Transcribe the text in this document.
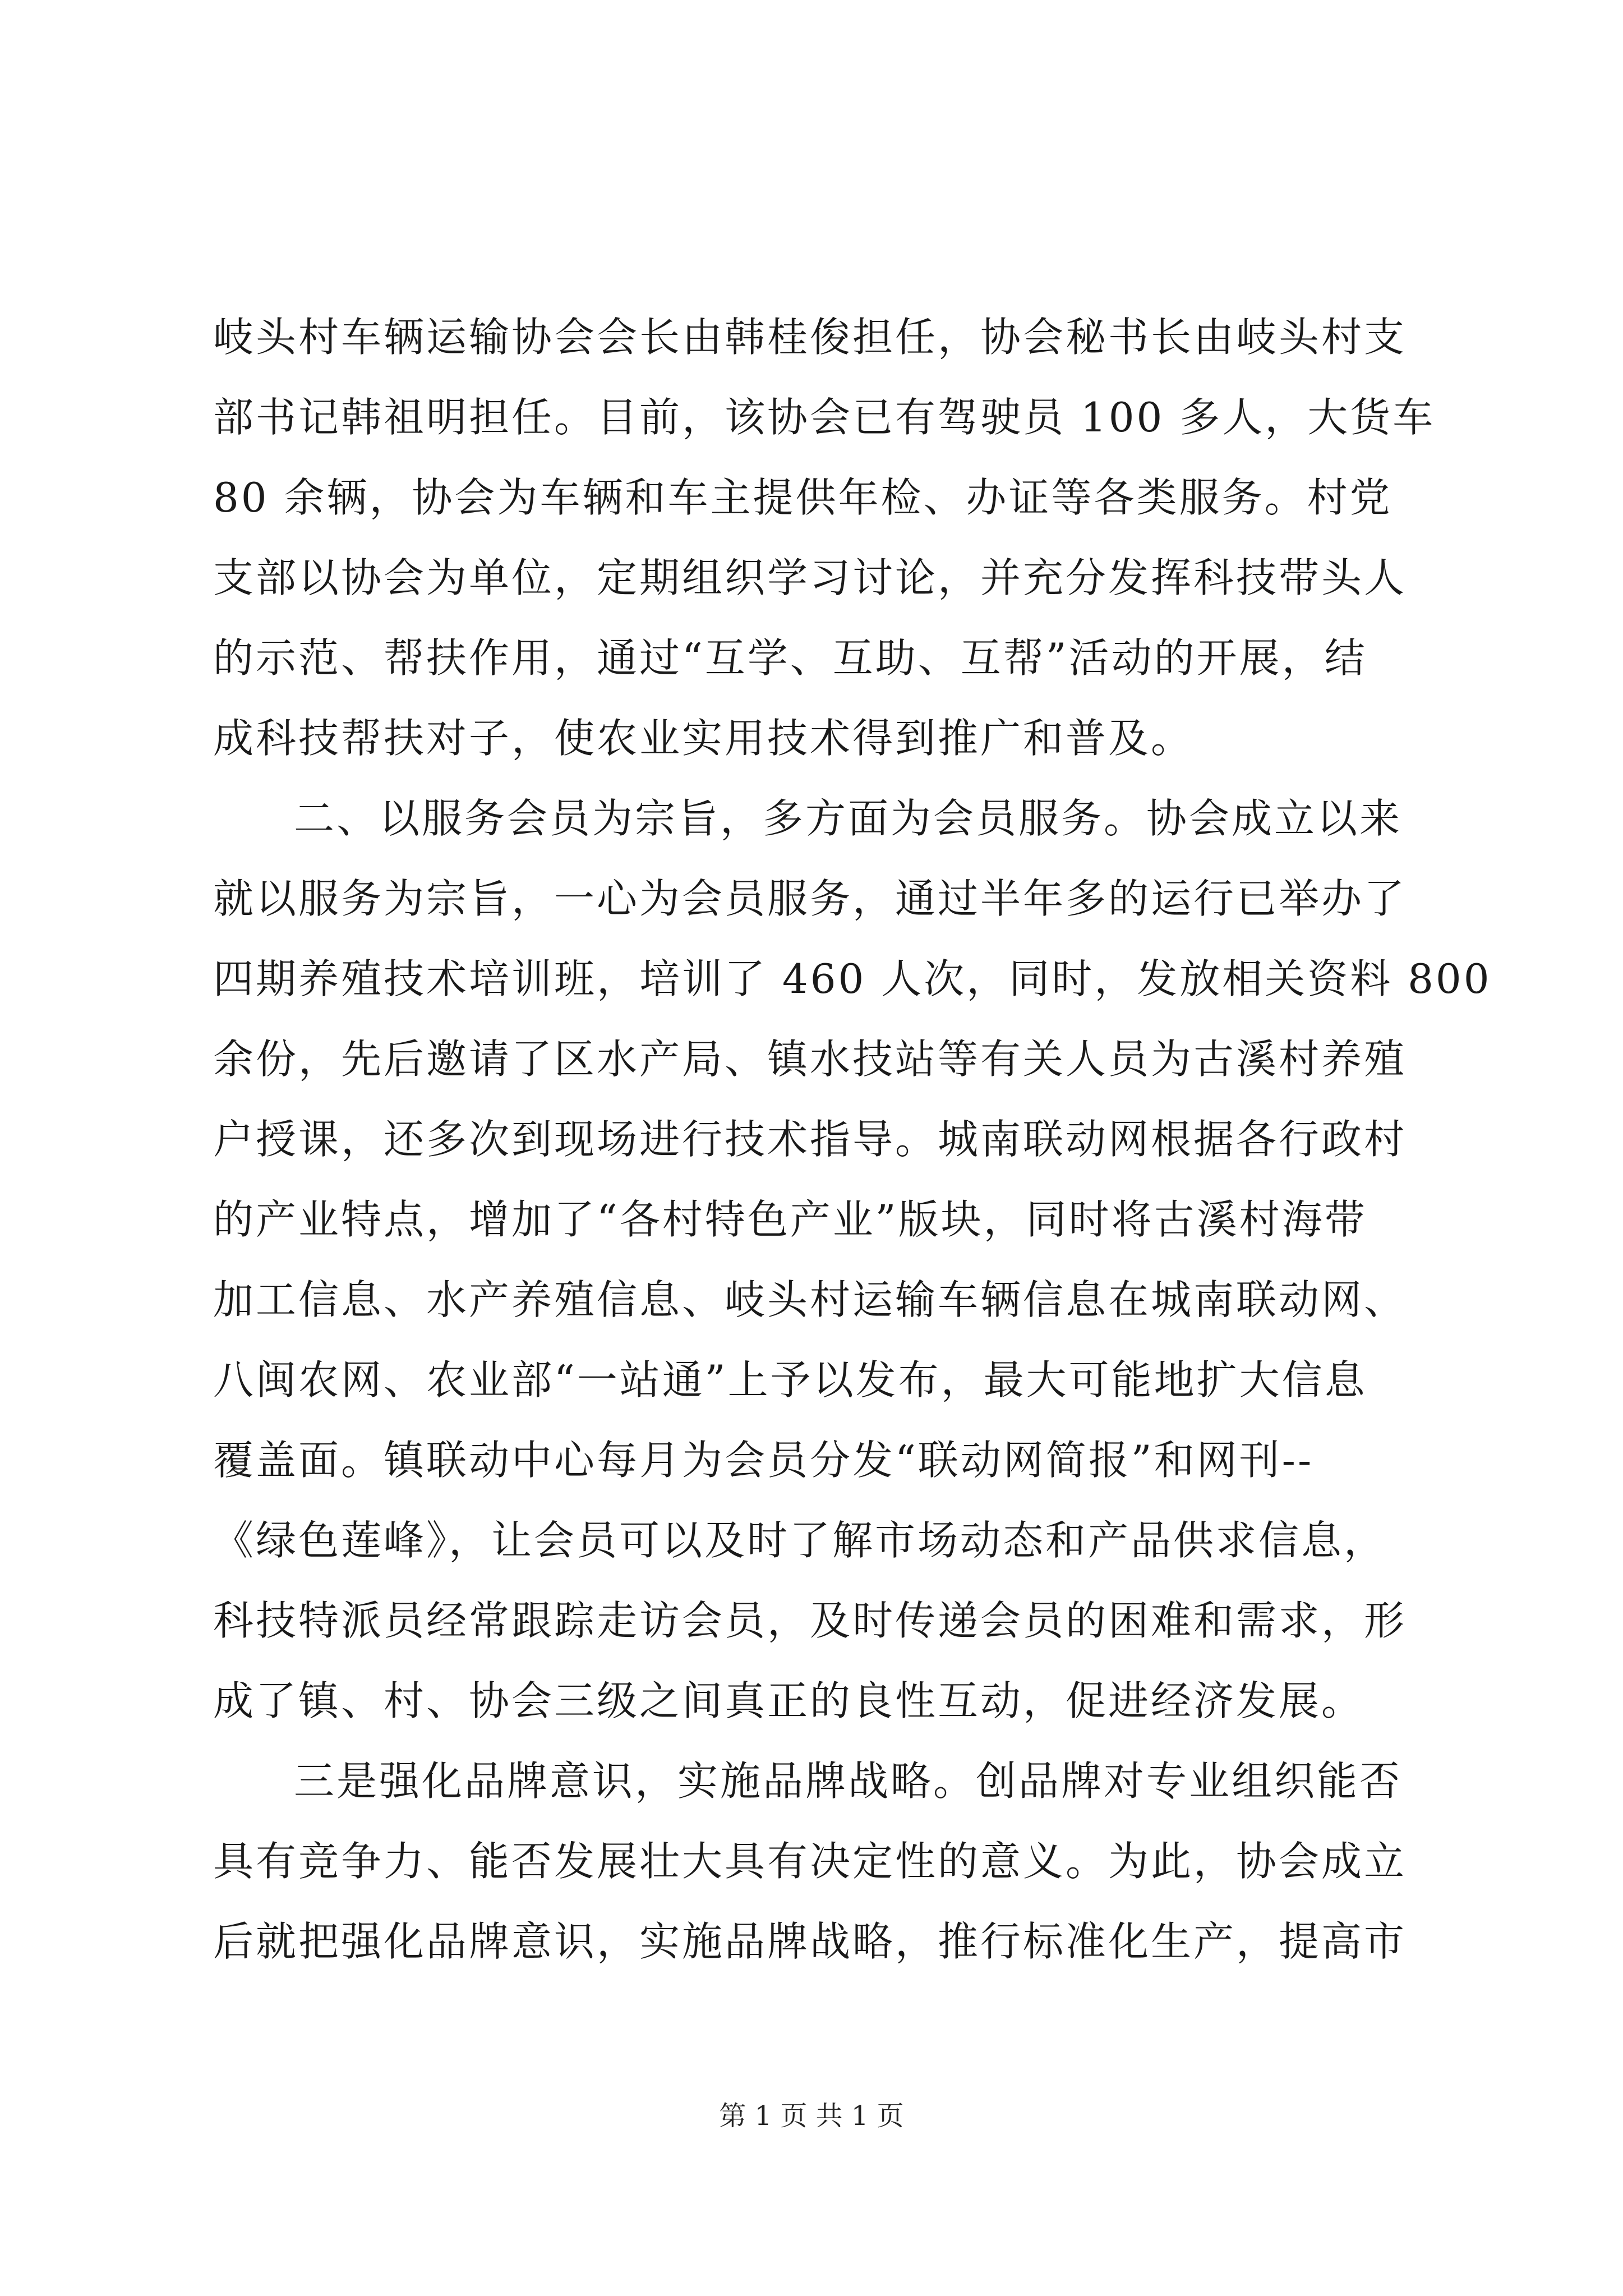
岐头村车辆运输协会会长由韩桂俊担任，协会秘书长由岐头村支
部书记韩祖明担任。目前，该协会已有驾驶员 100 多人，大货车
80 余辆，协会为车辆和车主提供年检、办证等各类服务。村党
支部以协会为单位，定期组织学习讨论，并充分发挥科技带头人
的示范、帮扶作用，通过“互学、互助、互帮”活动的开展，结
成科技帮扶对子，使农业实用技术得到推广和普及。
二、以服务会员为宗旨，多方面为会员服务。协会成立以来
就以服务为宗旨，一心为会员服务，通过半年多的运行已举办了
四期养殖技术培训班，培训了 460 人次，同时，发放相关资料 800
余份，先后邀请了区水产局、镇水技站等有关人员为古溪村养殖
户授课，还多次到现场进行技术指导。城南联动网根据各行政村
的产业特点，增加了“各村特色产业”版块，同时将古溪村海带
加工信息、水产养殖信息、岐头村运输车辆信息在城南联动网、
八闽农网、农业部“一站通”上予以发布，最大可能地扩大信息
覆盖面。镇联动中心每月为会员分发“联动网简报”和网刊--
《绿色莲峰》，让会员可以及时了解市场动态和产品供求信息，
科技特派员经常跟踪走访会员，及时传递会员的困难和需求，形
成了镇、村、协会三级之间真正的良性互动，促进经济发展。
三是强化品牌意识，实施品牌战略。创品牌对专业组织能否
具有竞争力、能否发展壮大具有决定性的意义。为此，协会成立
后就把强化品牌意识，实施品牌战略，推行标准化生产，提高市
第 1 页 共 1 页
